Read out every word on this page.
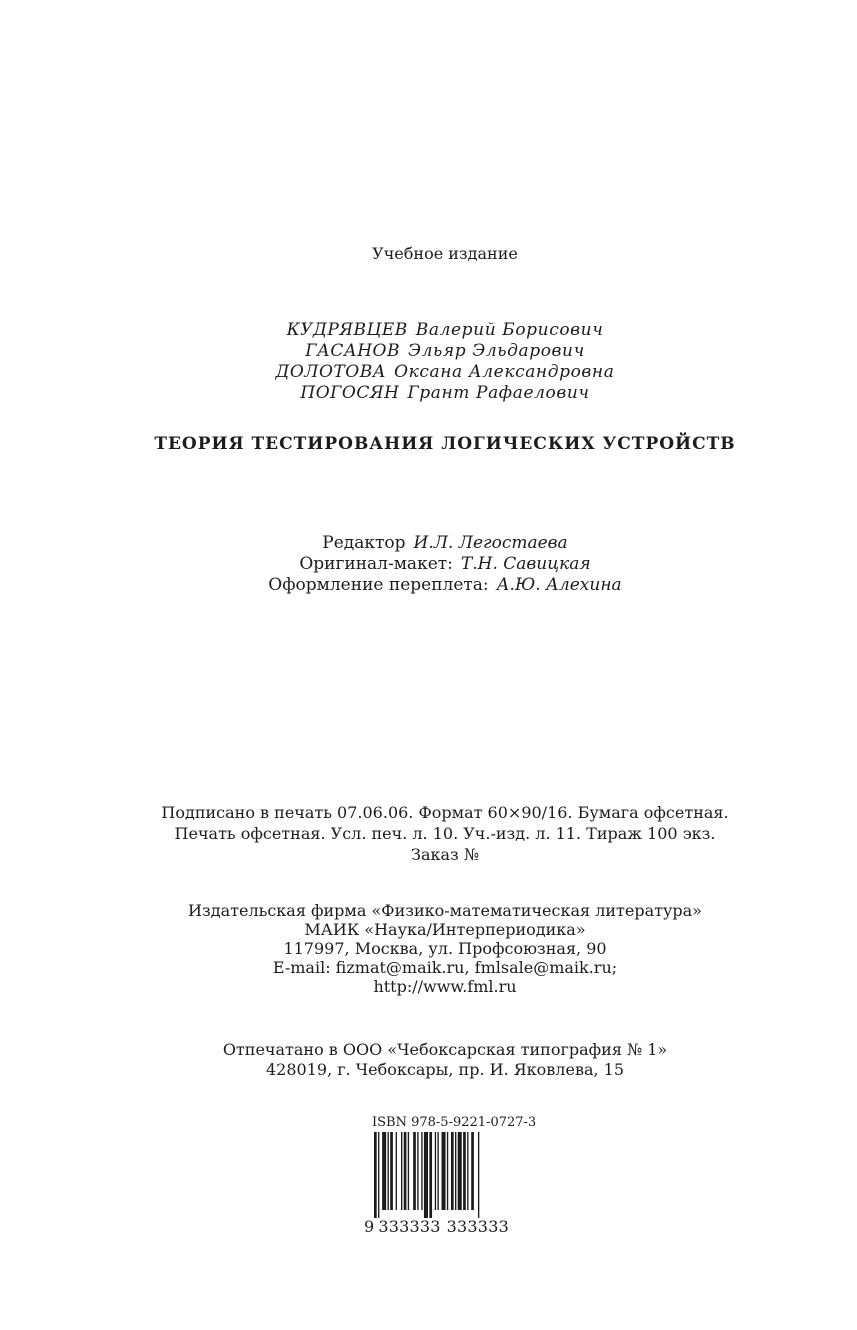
Учебное издание
КУДРЯВЦЕВ Валерий Борисович
ГАСАНОВ Эльяр Эльдарович
ДОЛОТОВА Оксана Александровна
ПОГОСЯН Грант Рафаелович
ТЕОРИЯ ТЕСТИРОВАНИЯ ЛОГИЧЕСКИХ УСТРОЙСТВ
Редактор И.Л. Легостаева
Оригинал-макет: Т.Н. Савицкая
Оформление переплета: А.Ю. Алехина
Подписано в печать 07.06.06. Формат 60×90/16. Бумага офсетная.
Печать офсетная. Усл. печ. л. 10. Уч.-изд. л. 11. Тираж 100 экз.
Заказ №
Издательская фирма «Физико-математическая литература»
МАИК «Наука/Интерпериодика»
117997, Москва, ул. Профсоюзная, 90
E-mail: fizmat@maik.ru, fmlsale@maik.ru;
http://www.fml.ru
Отпечатано в ООО «Чебоксарская типография № 1»
428019, г. Чебоксары, пр. И. Яковлева, 15
ISBN 978-5-9221-0727-3
9 333333 333333
